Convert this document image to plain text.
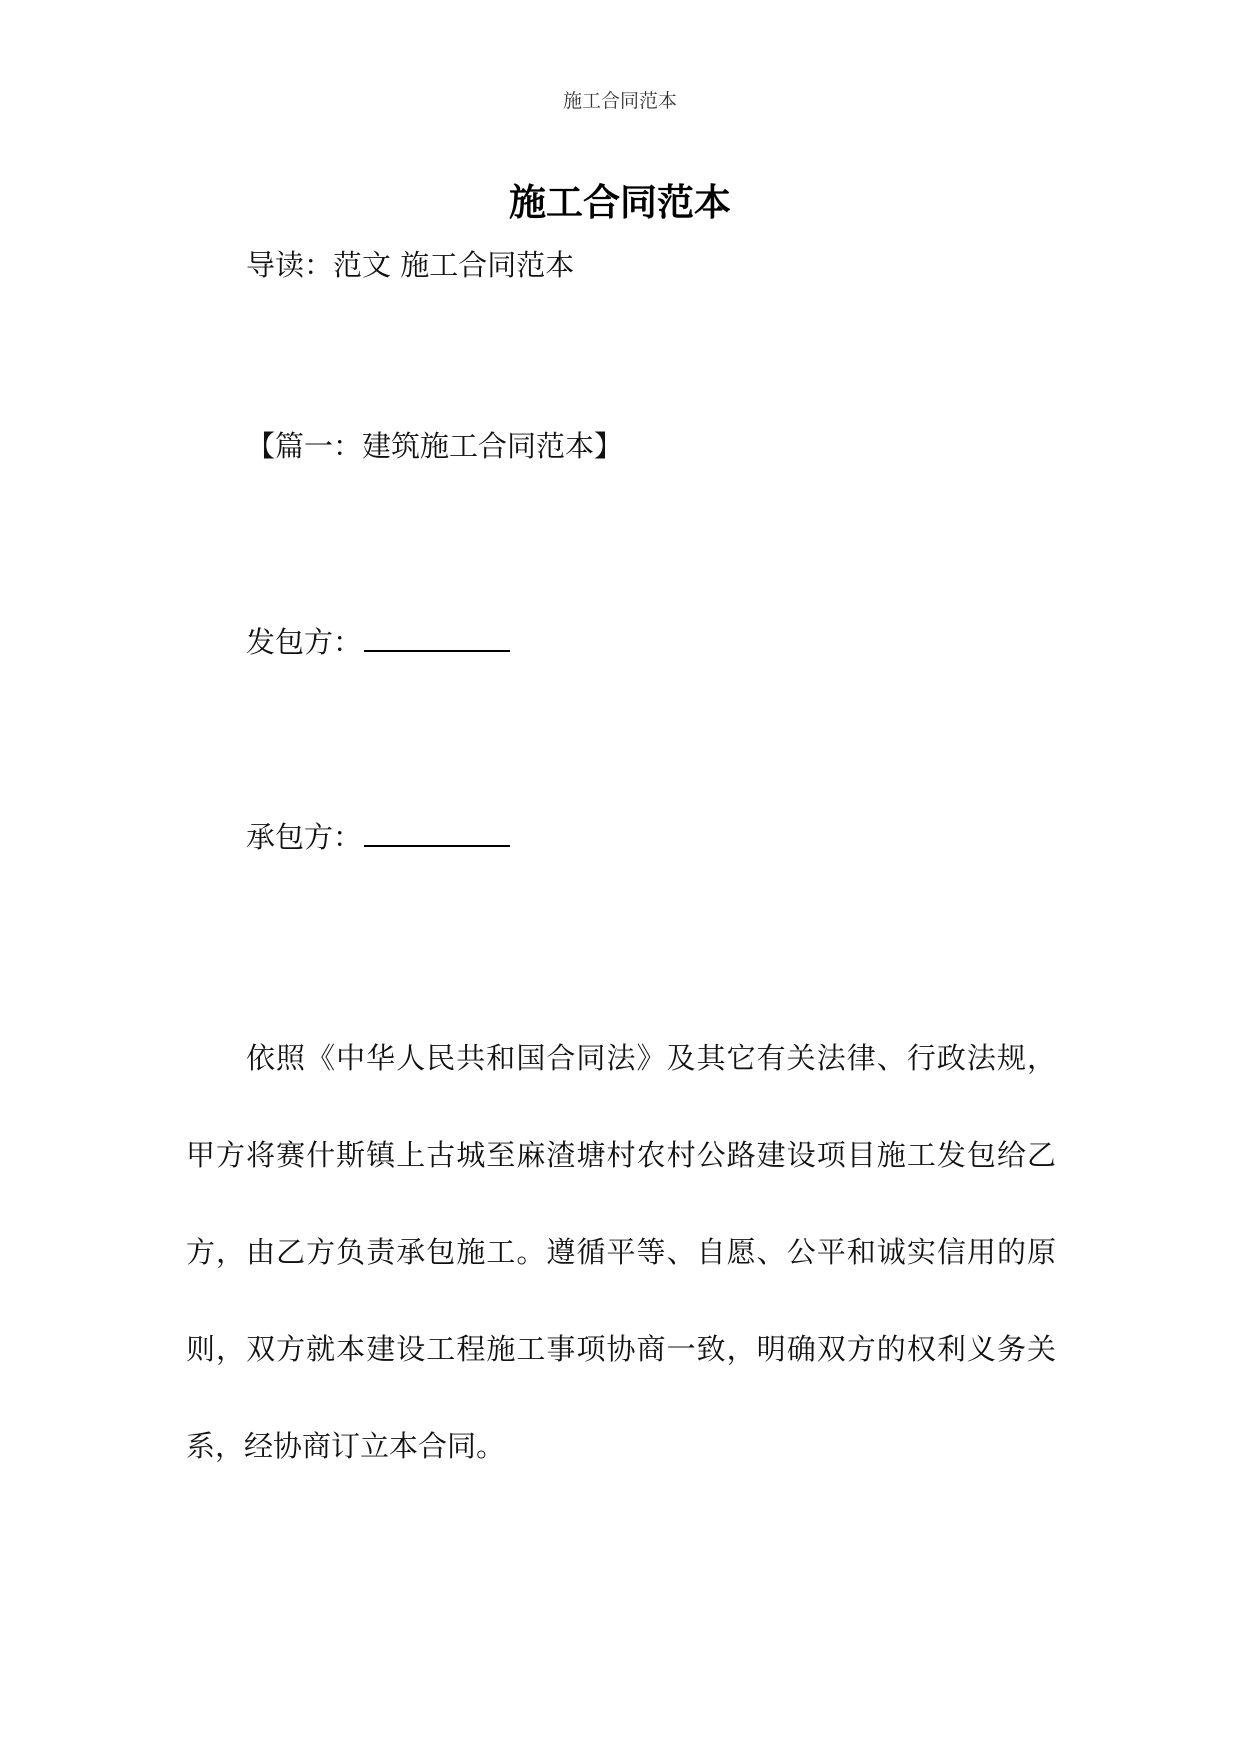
施工合同范本
施工合同范本
导读：范文 施工合同范本
【篇一：建筑施工合同范本】
发包方：
承包方：

依照《中华人民共和国合同法》及其它有关法律、行政法规，甲方将赛什斯镇上古城至麻渣塘村农村公路建设项目施工发包给乙方，由乙方负责承包施工。遵循平等、自愿、公平和诚实信用的原则，双方就本建设工程施工事项协商一致，明确双方的权利义务关系，经协商订立本合同。
